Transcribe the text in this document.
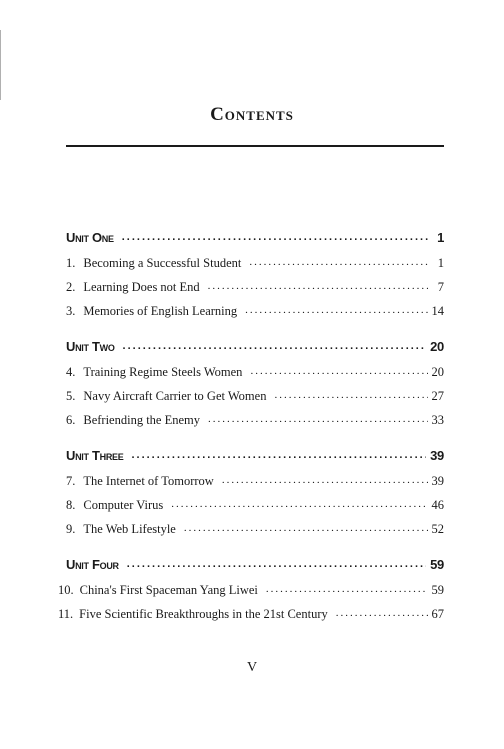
Contents
Unit One .....	1
1. Becoming a Successful Student .....	1
2. Learning Does not End .....	7
3. Memories of English Learning .....	14
Unit Two .....	20
4. Training Regime Steels Women .....	20
5. Navy Aircraft Carrier to Get Women .....	27
6. Befriending the Enemy .....	33
Unit Three .....	39
7. The Internet of Tomorrow .....	39
8. Computer Virus .....	46
9. The Web Lifestyle .....	52
Unit Four .....	59
10. China's First Spaceman Yang Liwei .....	59
11. Five Scientific Breakthroughs in the 21st Century .....	67
V
